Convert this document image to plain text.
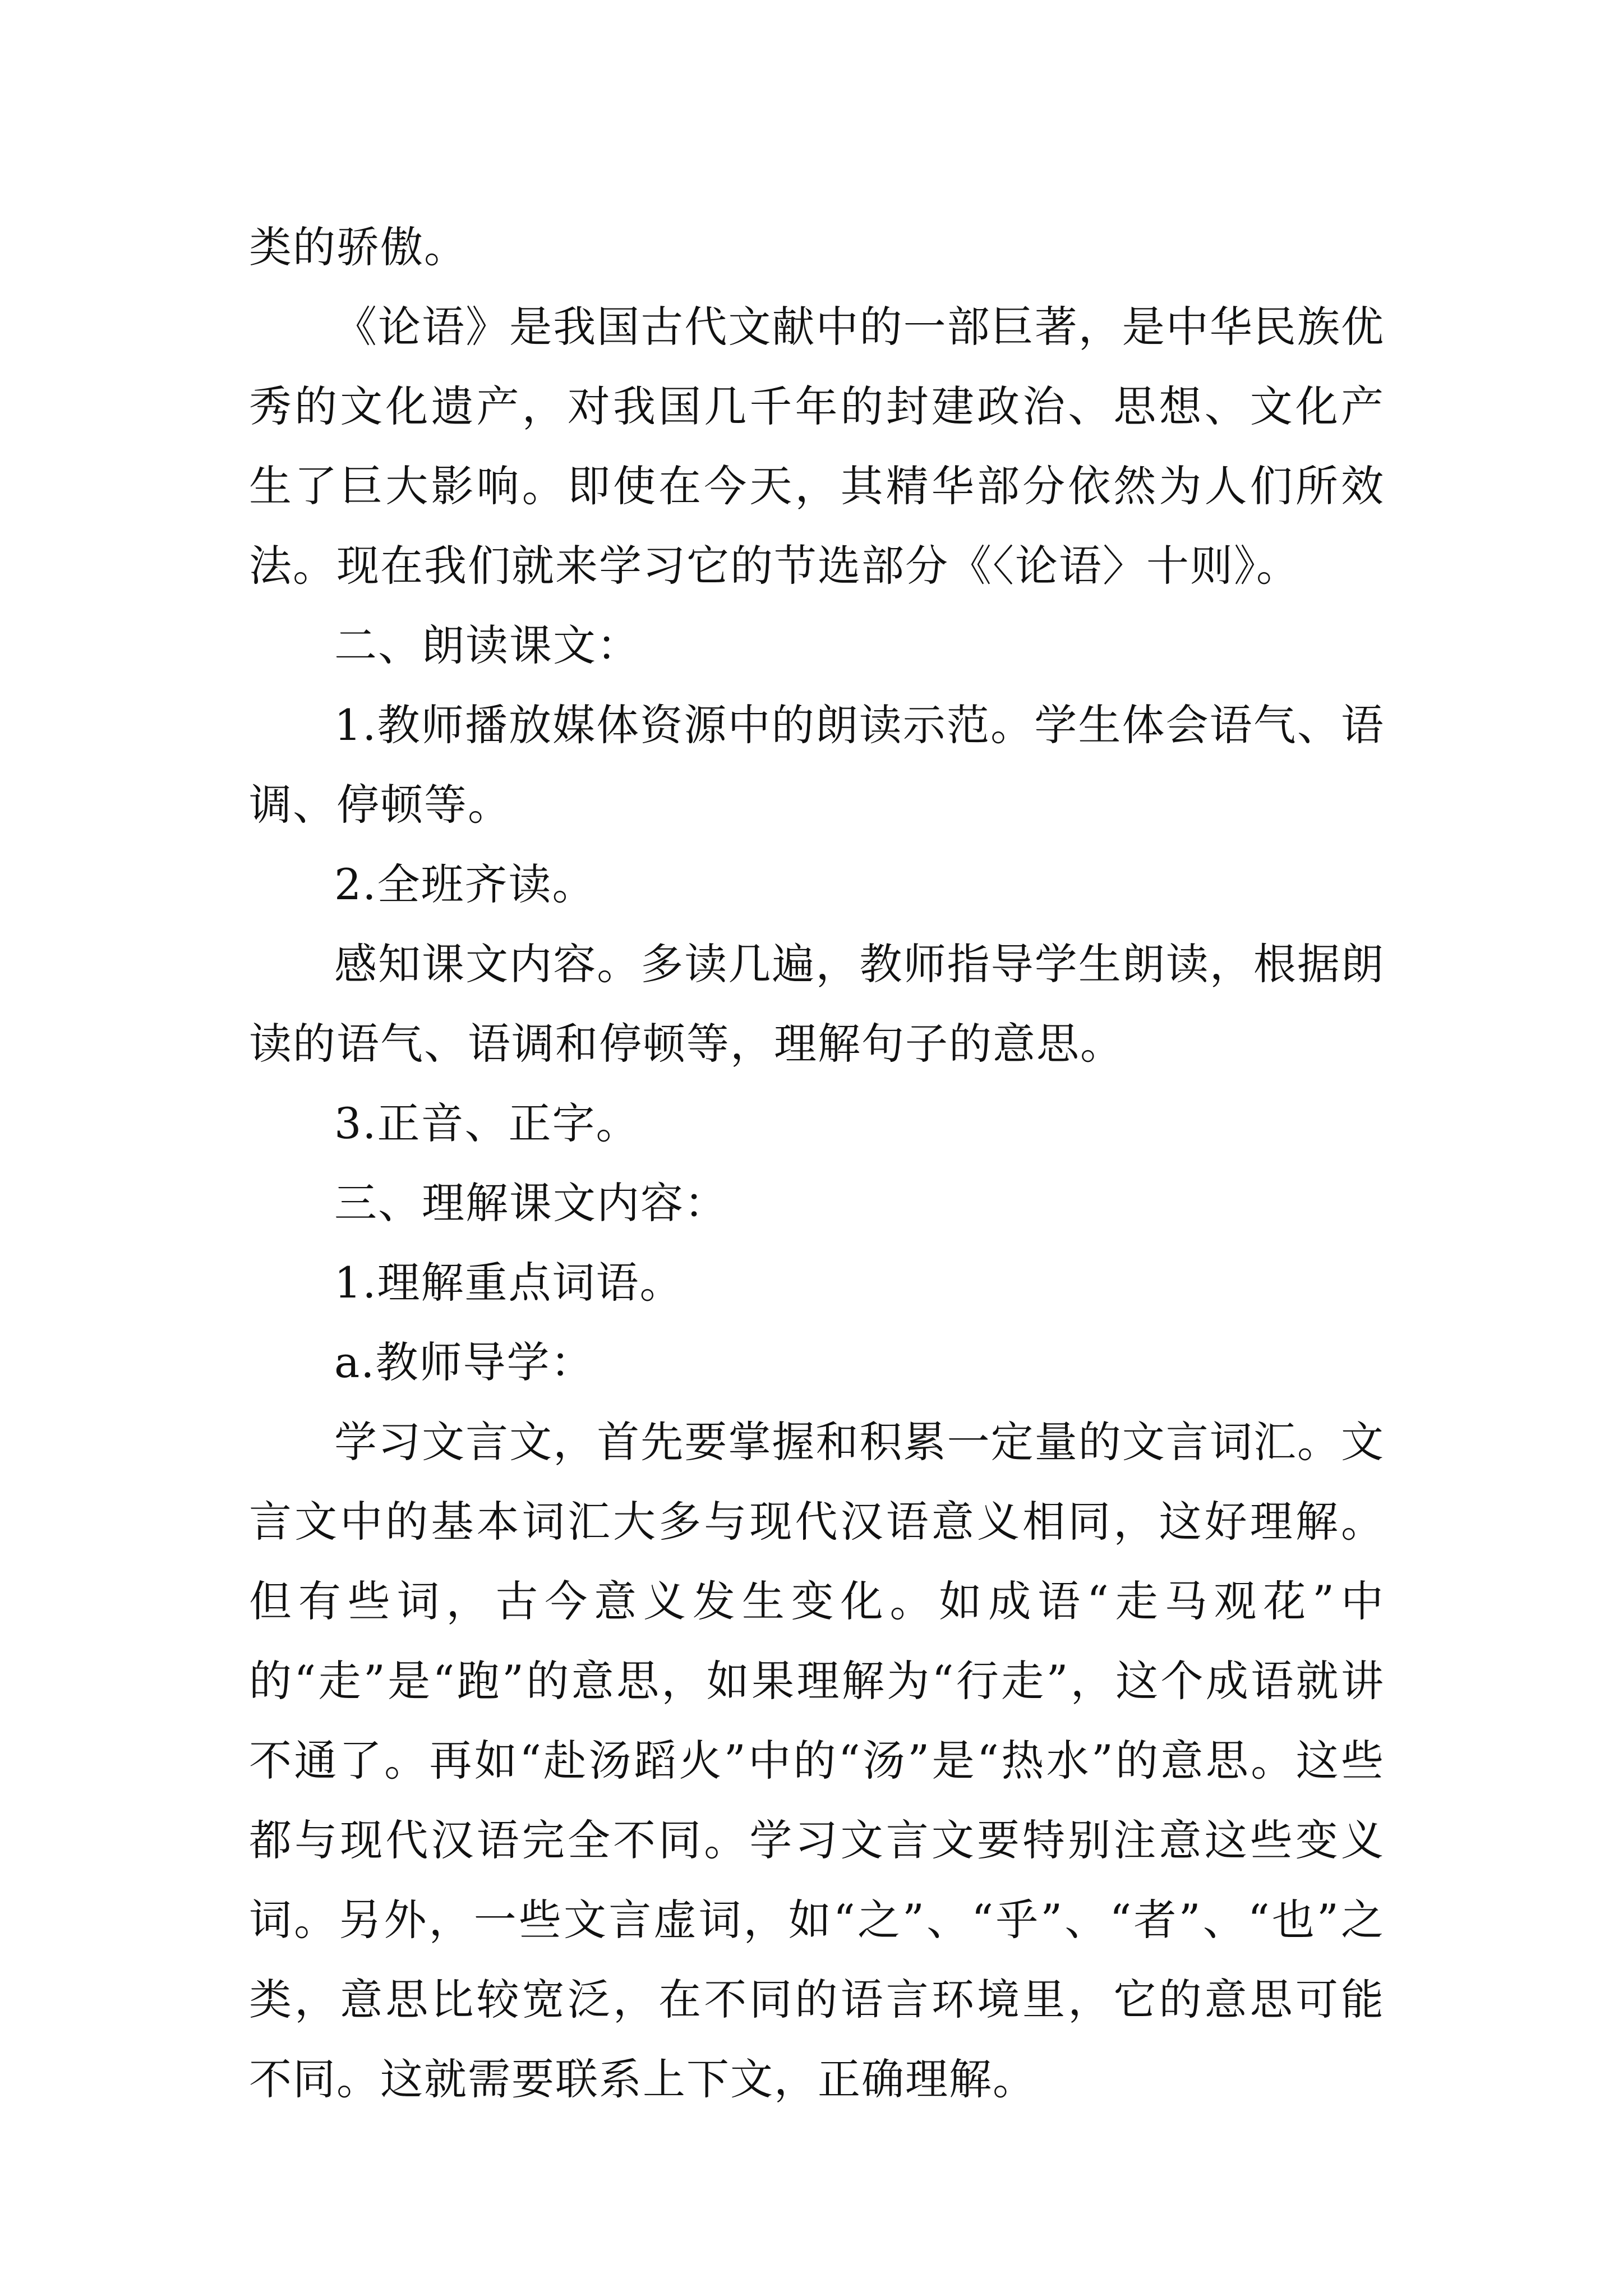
类的骄傲。

《论语》是我国古代文献中的一部巨著，是中华民族优秀的文化遗产，对我国几千年的封建政治、思想、文化产生了巨大影响。即使在今天，其精华部分依然为人们所效法。现在我们就来学习它的节选部分《〈论语〉十则》。

二、朗读课文：

1.教师播放媒体资源中的朗读示范。学生体会语气、语调、停顿等。

2.全班齐读。

感知课文内容。多读几遍，教师指导学生朗读，根据朗读的语气、语调和停顿等，理解句子的意思。

3.正音、正字。

三、理解课文内容：

1.理解重点词语。

a.教师导学：

学习文言文，首先要掌握和积累一定量的文言词汇。文言文中的基本词汇大多与现代汉语意义相同，这好理解。但有些词，古今意义发生变化。如成语“走马观花”中的“走”是“跑”的意思，如果理解为“行走”，这个成语就讲不通了。再如“赴汤蹈火”中的“汤”是“热水”的意思。这些都与现代汉语完全不同。学习文言文要特别注意这些变义词。另外，一些文言虚词，如“之”、“乎”、“者”、“也”之类，意思比较宽泛，在不同的语言环境里，它的意思可能不同。这就需要联系上下文，正确理解。
